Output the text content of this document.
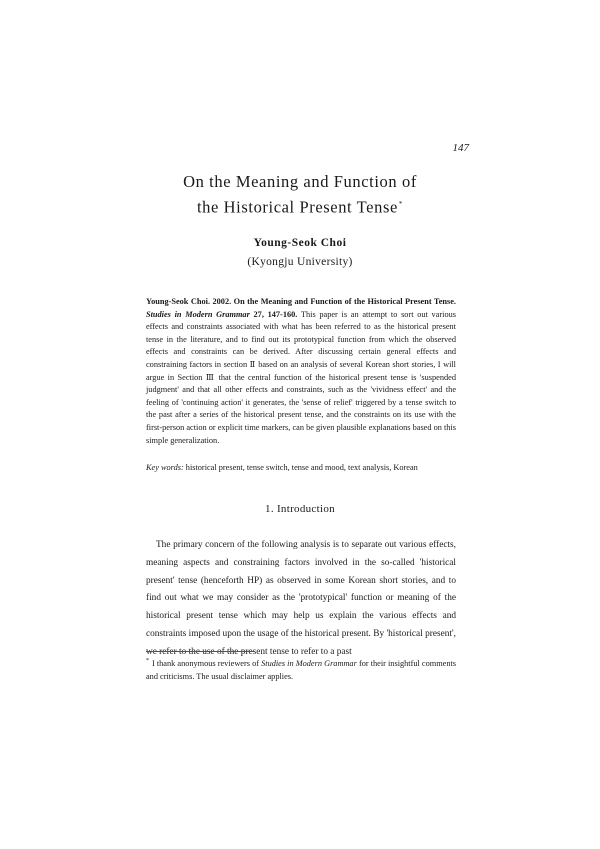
147
On the Meaning and Function of
the Historical Present Tense*
Young-Seok Choi
(Kyongju University)

Young-Seok Choi. 2002. On the Meaning and Function of the Historical Present Tense. Studies in Modern Grammar 27, 147-160. This paper is an attempt to sort out various effects and constraints associated with what has been referred to as the historical present tense in the literature, and to find out its prototypical function from which the observed effects and constraints can be derived. After discussing certain general effects and constraining factors in section Ⅱ based on an analysis of several Korean short stories, I will argue in Section Ⅲ that the central function of the historical present tense is 'suspended judgment' and that all other effects and constraints, such as the 'vividness effect' and the feeling of 'continuing action' it generates, the 'sense of relief' triggered by a tense switch to the past after a series of the historical present tense, and the constraints on its use with the first-person action or explicit time markers, can be given plausible explanations based on this simple generalization.

Key words: historical present, tense switch, tense and mood, text analysis, Korean
1. Introduction

The primary concern of the following analysis is to separate out various effects, meaning aspects and constraining factors involved in the so-called 'historical present' tense (henceforth HP) as observed in some Korean short stories, and to find out what we may consider as the 'prototypical' function or meaning of the historical present tense which may help us explain the various effects and constraints imposed upon the usage of the historical present. By 'historical present', we refer to the use of the present tense to refer to a past

* I thank anonymous reviewers of Studies in Modern Grammar for their insightful comments and criticisms. The usual disclaimer applies.
